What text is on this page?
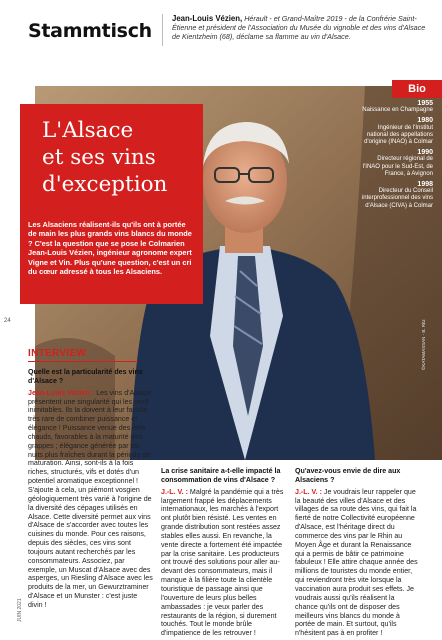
Stammtisch
Jean-Louis Vézien, Hérault - et Grand-Maître 2019 - de la Confrérie Saint-Étienne et président de l'Association du Musée du vignoble et des vins d'Alsace de Kientzheim (68), déclame sa flamme au vin d'Alsace.
L'Alsace
et ses vins
d'exception
Les Alsaciens réalisent-ils qu'ils ont à portée de main les plus grands vins blancs du monde ? C'est la question que se pose le Colmarien Jean-Louis Vézien, ingénieur agronome expert Vigne et Vin. Plus qu'une question, c'est un cri du cœur adressé à tous les Alsaciens.
Bio
1955
Naissance en Champagne
1980
Ingénieur de l'Institut national des appellations d'origine (INAO) à Colmar
1990
Directeur régional de l'INAO pour le Sud-Est, de France, à Avignon
1998
Directeur du Conseil interprofessionnel des vins d'Alsace (CIVA) à Colmar
24	©KATAMASSAN - B. Ritz
INTERVIEW
JUIN 2021
Quelle est la particularité des vins d'Alsace ?

Jean-Louis Vézien : Les vins d'Alsace présentent une singularité qui les rend inimitables. Ils la doivent à leur faculté très rare de combiner puissance et élégance ! Puissance venue des étés chauds, favorables à la maturité des grappes ; élégance générée par les nuits plus fraîches durant la période de maturation. Ainsi, sont-ils à la fois riches, structurés, vifs et dotés d'un potentiel aromatique exceptionnel ! S'ajoute à cela, un piémont vosgien géologiquement très varié à l'origine de la diversité des cépages utilisés en Alsace. Cette diversité permet aux vins d'Alsace de s'accorder avec toutes les cuisines du monde. Pour ces raisons, depuis des siècles, ces vins sont toujours autant recherchés par les consommateurs. Associez, par exemple, un Muscat d'Alsace avec des asperges, un Riesling d'Alsace avec les produits de la mer, un Gewurztraminer d'Alsace et un Munster : c'est juste divin !

La crise sanitaire a-t-elle impacté la consommation de vins d'Alsace ?

J.-L. V. : Malgré la pandémie qui a très largement frappé les déplacements internationaux, les marchés à l'export ont plutôt bien résisté. Les ventes en grande distribution sont restées assez stables elles aussi. En revanche, la vente directe a fortement été impactée par la crise sanitaire. Les producteurs ont trouvé des solutions pour aller au-devant des consommateurs, mais il manque à la filière toute la clientèle touristique de passage ainsi que l'ouverture de leurs plus belles ambassades : je veux parler des restaurants de la région, si durement touchés. Tout le monde brûle d'impatience de les retrouver !

Qu'avez-vous envie de dire aux Alsaciens ?

J.-L. V. : Je voudrais leur rappeler que la beauté des villes d'Alsace et des villages de sa route des vins, qui fait la fierté de notre Collectivité européenne d'Alsace, est l'héritage direct du commerce des vins par le Rhin au Moyen Âge et durant la Renaissance qui a permis de bâtir ce patrimoine fabuleux ! Elle attire chaque année des millions de touristes du monde entier, qui reviendront très vite lorsque la vaccination aura produit ses effets. Je voudrais aussi qu'ils réalisent la chance qu'ils ont de disposer des meilleurs vins blancs du monde à portée de main. Et surtout, qu'ils n'hésitent pas à en profiter !
